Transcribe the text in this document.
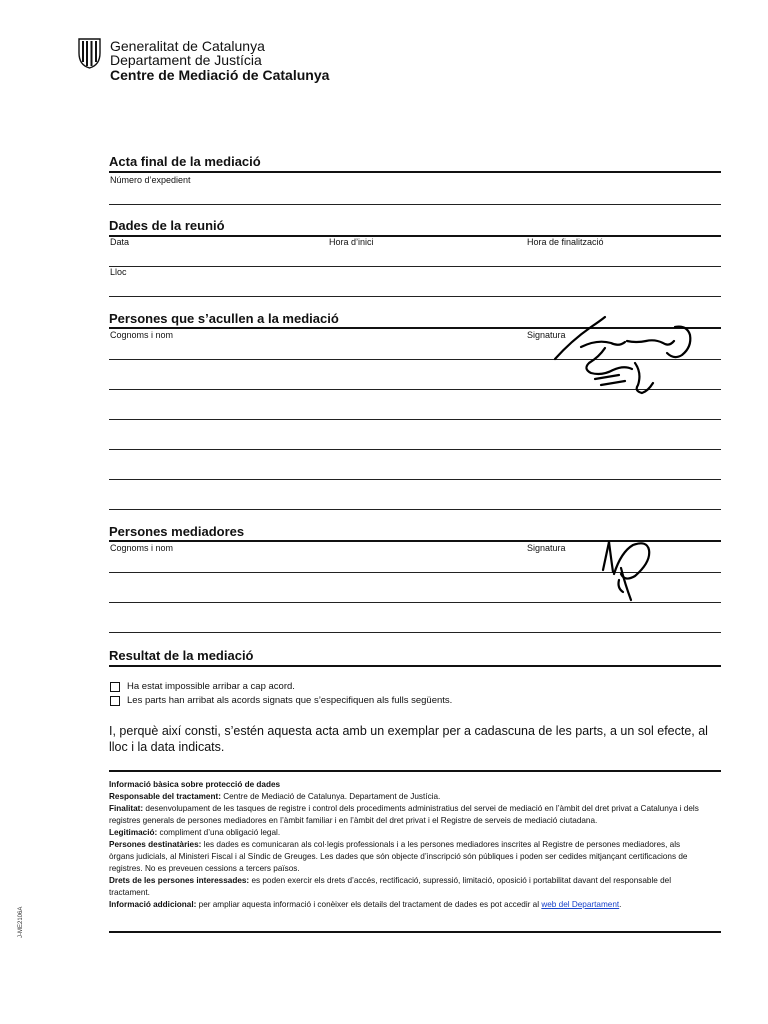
Generalitat de Catalunya
Departament de Justícia
Centre de Mediació de Catalunya
Acta final de la mediació
Número d’expedient
Dades de la reunió
Data	Hora d’inici	Hora de finalització
Lloc
Persones que s’acullen a la mediació
Cognoms i nom	Signatura
Persones mediadores
Cognoms i nom	Signatura
Resultat de la mediació
Ha estat impossible arribar a cap acord.
Les parts han arribat als acords signats que s’especifiquen als fulls següents.
I, perquè així consti, s’estén aquesta acta amb un exemplar per a cadascuna de les parts, a un sol efecte, al lloc i la data indicats.
Informació bàsica sobre protecció de dades
Responsable del tractament: Centre de Mediació de Catalunya. Departament de Justícia.
Finalitat: desenvolupament de les tasques de registre i control dels procediments administratius del servei de mediació en l’àmbit del dret privat a Catalunya i dels registres generals de persones mediadores en l’àmbit familiar i en l’àmbit del dret privat i el Registre de serveis de mediació ciutadana.
Legitimació: compliment d’una obligació legal.
Persones destinatàries: les dades es comunicaran als col·legis professionals i a les persones mediadores inscrites al Registre de persones mediadores, als òrgans judicials, al Ministeri Fiscal i al Síndic de Greuges. Les dades que són objecte d’inscripció són públiques i poden ser cedides mitjançant certificacions de registres. No es preveuen cessions a tercers països.
Drets de les persones interessades: es poden exercir els drets d’accés, rectificació, supressió, limitació, oposició i portabilitat davant del responsable del tractament.
Informació addicional: per ampliar aquesta informació i conèixer els details del tractament de dades es pot accedir al web del Departament.
J-ME2106A
